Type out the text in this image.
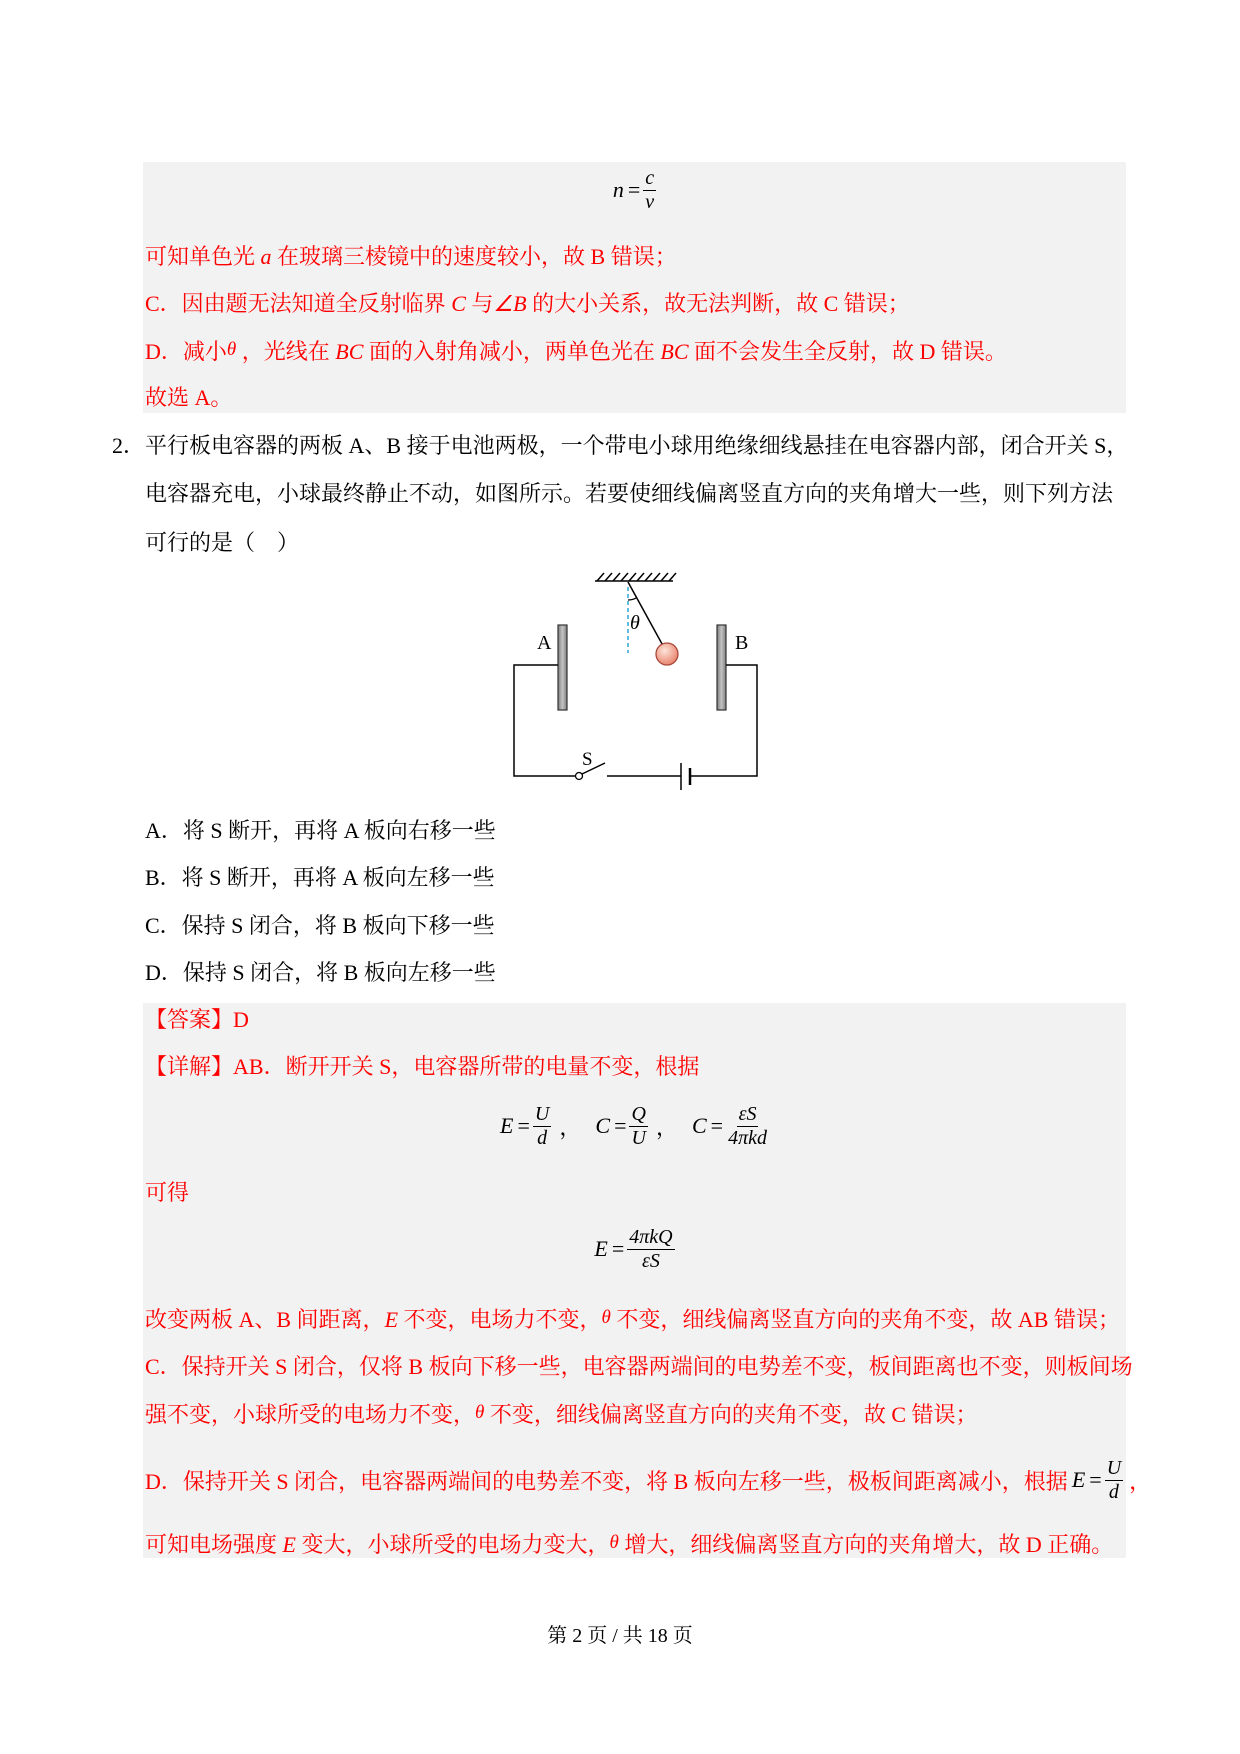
$n = \frac{c}{v}$
可知单色光 a 在玻璃三棱镜中的速度较小，故 B 错误；
C．因由题无法知道全反射临界 C 与∠B 的大小关系，故无法判断，故 C 错误；
D．减小θ ，光线在 BC 面的入射角减小，两单色光在 BC 面不会发生全反射，故 D 错误。
故选 A。
2．平行板电容器的两板 A、B 接于电池两极，一个带电小球用绝缘细线悬挂在电容器内部，闭合开关 S，
电容器充电，小球最终静止不动，如图所示。若要使细线偏离竖直方向的夹角增大一些，则下列方法
可行的是（　）
θ
A	B
S
A．将 S 断开，再将 A 板向右移一些
B．将 S 断开，再将 A 板向左移一些
C．保持 S 闭合，将 B 板向下移一些
D．保持 S 闭合，将 B 板向左移一些
【答案】D
【详解】AB．断开开关 S，电容器所带的电量不变，根据
$E = \frac{U}{d}$ ， $C = \frac{Q}{U}$ ， $C = \frac{\varepsilon S}{\text{4πkd}}$
可得
$E = \frac{\text{4πkQ}}{\varepsilon S}$
改变两板 A、B 间距离，E 不变，电场力不变，θ 不变，细线偏离竖直方向的夹角不变，故 AB 错误；
C．保持开关 S 闭合，仅将 B 板向下移一些，电容器两端间的电势差不变，板间距离也不变，则板间场
强不变，小球所受的电场力不变，θ 不变，细线偏离竖直方向的夹角不变，故 C 错误；
D．保持开关 S 闭合，电容器两端间的电势差不变，将 B 板向左移一些，极板间距离减小，根据 $E = \frac{U}{d}$ ，
可知电场强度 E 变大，小球所受的电场力变大，θ 增大，细线偏离竖直方向的夹角增大，故 D 正确。
第 2 页 / 共 18 页
